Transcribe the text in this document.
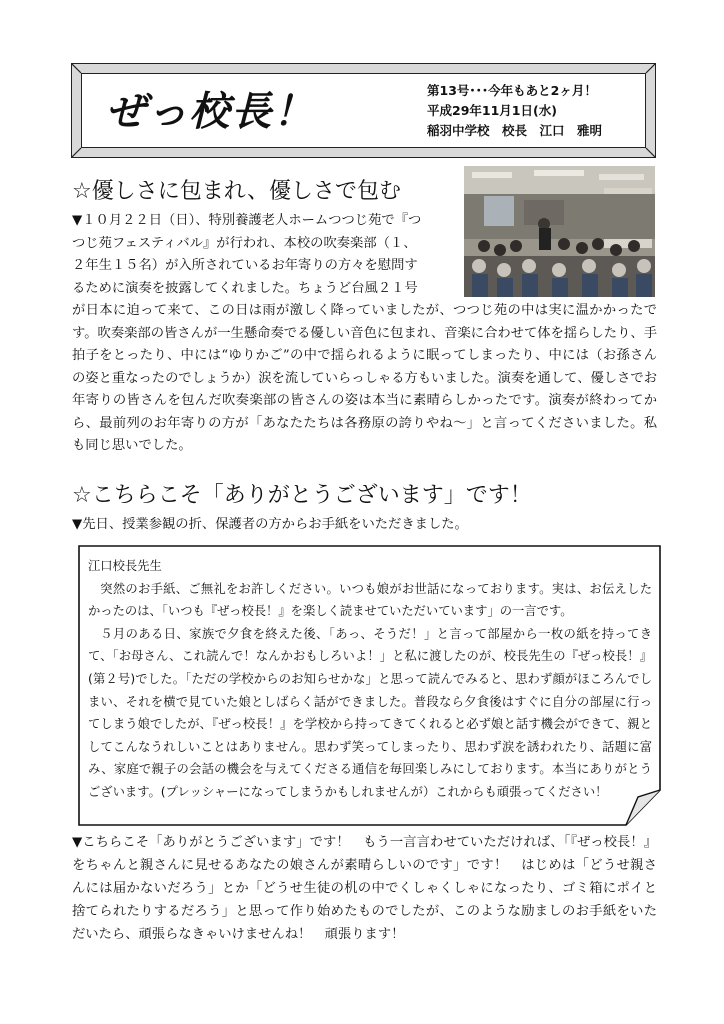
ぜっ校長！	第13号･･･今年もあと2ヶ月！
平成29年11月1日(水)
稲羽中学校　校長　江口　雅明
☆優しさに包まれ、優しさで包む
▼１０月２２日（日）、特別養護老人ホームつつじ苑で『つ
つじ苑フェスティバル』が行われ、本校の吹奏楽部（１、
２年生１５名）が入所されているお年寄りの方々を慰問す
るために演奏を披露してくれました。ちょうど台風２１号
が日本に迫って来て、この日は雨が激しく降っていましたが、つつじ苑の中は実に温かかったです。吹奏楽部の皆さんが一生懸命奏でる優しい音色に包まれ、音楽に合わせて体を揺らしたり、手拍子をとったり、中には“ゆりかご”の中で揺られるように眠ってしまったり、中には（お孫さんの姿と重なったのでしょうか）涙を流していらっしゃる方もいました。演奏を通して、優しさでお年寄りの皆さんを包んだ吹奏楽部の皆さんの姿は本当に素晴らしかったです。演奏が終わってから、最前列のお年寄りの方が「あなたたちは各務原の誇りやね～」と言ってくださいました。私も同じ思いでした。
☆こちらこそ「ありがとうございます」です！
▼先日、授業参観の折、保護者の方からお手紙をいただきました。

江口校長先生

突然のお手紙、ご無礼をお許しください。いつも娘がお世話になっております。実は、お伝えしたかったのは、「いつも『ぜっ校長！』を楽しく読ませていただいています」の一言です。

５月のある日、家族で夕食を終えた後、「あっ、そうだ！」と言って部屋から一枚の紙を持ってきて、「お母さん、これ読んで！なんかおもしろいよ！」と私に渡したのが、校長先生の『ぜっ校長！』(第２号)でした。「ただの学校からのお知らせかな」と思って読んでみると、思わず顔がほころんでしまい、それを横で見ていた娘としばらく話ができました。普段なら夕食後はすぐに自分の部屋に行ってしまう娘でしたが、『ぜっ校長！』を学校から持ってきてくれると必ず娘と話す機会ができて、親としてこんなうれしいことはありません。思わず笑ってしまったり、思わず涙を誘われたり、話題に富み、家庭で親子の会話の機会を与えてくださる通信を毎回楽しみにしております。本当にありがとうございます。(プレッシャーになってしまうかもしれませんが）これからも頑張ってください！

▼こちらこそ「ありがとうございます」です！　もう一言言わせていただければ、「『ぜっ校長！』をちゃんと親さんに見せるあなたの娘さんが素晴らしいのです」です！　はじめは「どうせ親さんには届かないだろう」とか「どうせ生徒の机の中でくしゃくしゃになったり、ゴミ箱にポイと捨てられたりするだろう」と思って作り始めたものでしたが、このような励ましのお手紙をいただいたら、頑張らなきゃいけませんね！　頑張ります！
